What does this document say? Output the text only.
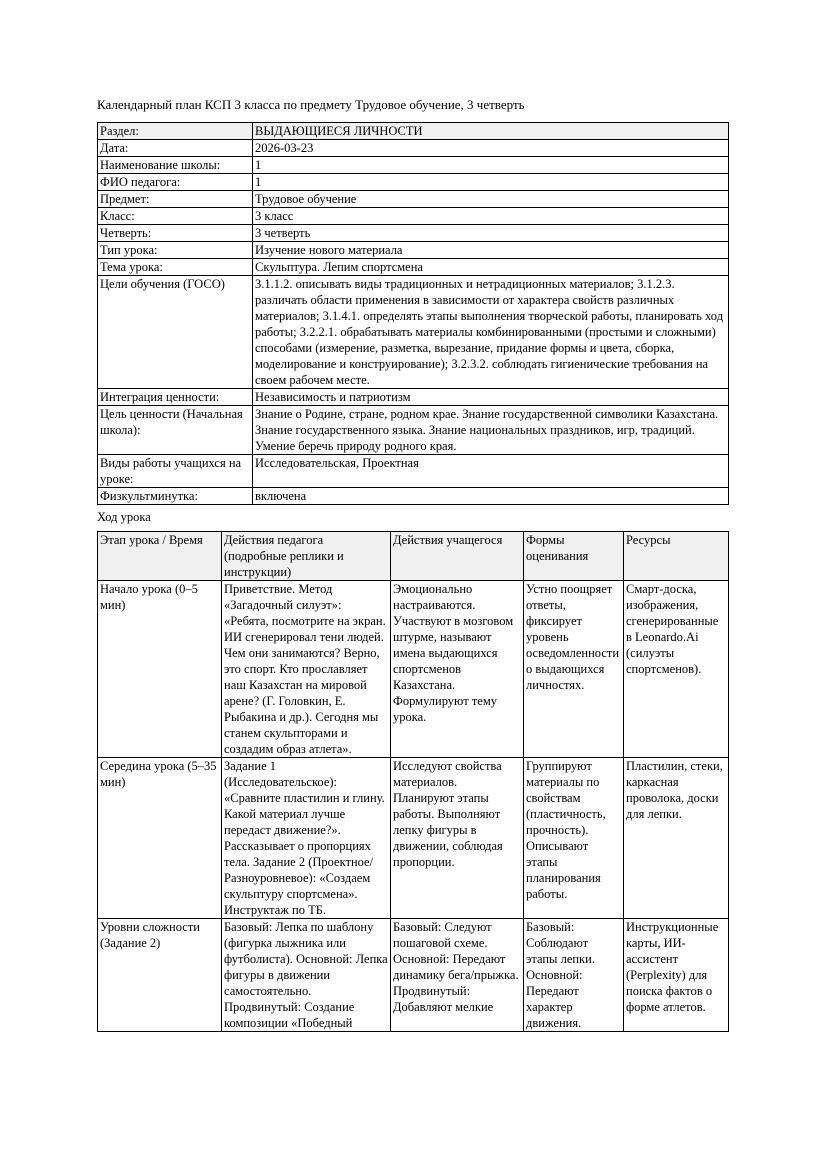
Календарный план КСП 3 класса по предмету Трудовое обучение, 3 четверть
Раздел:	ВЫДАЮЩИЕСЯ ЛИЧНОСТИ
Дата:	2026-03-23
Наименование школы:	1
ФИО педагога:	1
Предмет:	Трудовое обучение
Класс:	3 класс
Четверть:	3 четверть
Тип урока:	Изучение нового материала
Тема урока:	Скульптура. Лепим спортсмена
Цели обучения (ГОСО)	3.1.1.2. описывать виды традиционных и нетрадиционных материалов; 3.1.2.3. различать области применения в зависимости от характера свойств различных материалов; 3.1.4.1. определять этапы выполнения творческой работы, планировать ход работы; 3.2.2.1. обрабатывать материалы комбинированными (простыми и сложными) способами (измерение, разметка, вырезание, придание формы и цвета, сборка, моделирование и конструирование); 3.2.3.2. соблюдать гигиенические требования на своем рабочем месте.
Интеграция ценности:	Независимость и патриотизм
Цель ценности (Начальная школа):	Знание о Родине, стране, родном крае. Знание государственной символики Казахстана. Знание государственного языка. Знание национальных праздников, игр, традиций. Умение беречь природу родного края.
Виды работы учащихся на уроке:	Исследовательская, Проектная
Физкультминутка:	включена
Ход урока
Этап урока / Время	Действия педагога (подробные реплики и инструкции)	Действия учащегося	Формы оценивания	Ресурсы
Начало урока (0–5 мин)	Приветствие. Метод «Загадочный силуэт»: «Ребята, посмотрите на экран. ИИ сгенерировал тени людей. Чем они занимаются? Верно, это спорт. Кто прославляет наш Казахстан на мировой арене? (Г. Головкин, Е. Рыбакина и др.). Сегодня мы станем скульпторами и создадим образ атлета».	Эмоционально настраиваются. Участвуют в мозговом штурме, называют имена выдающихся спортсменов Казахстана. Формулируют тему урока.	Устно поощряет ответы, фиксирует уровень осведомленности о выдающихся личностях.	Смарт-доска, изображения, сгенерированные в Leonardo.Ai (силуэты спортсменов).
Середина урока (5–35 мин)	Задание 1 (Исследовательское): «Сравните пластилин и глину. Какой материал лучше передаст движение?». Рассказывает о пропорциях тела. Задание 2 (Проектное/Разноуровневое): «Создаем скульптуру спортсмена». Инструктаж по ТБ.	Исследуют свойства материалов. Планируют этапы работы. Выполняют лепку фигуры в движении, соблюдая пропорции.	Группируют материалы по свойствам (пластичность, прочность). Описывают этапы планирования работы.	Пластилин, стеки, каркасная проволока, доски для лепки.

Уровни сложности (Задание 2)	Базовый: Лепка по шаблону (фигурка лыжника или футболиста). Основной: Лепка фигуры в движении самостоятельно. Продвинутый: Создание композиции «Победный	Базовый: Следуют пошаговой схеме. Основной: Передают динамику бега/прыжка. Продвинутый: Добавляют мелкие	Базовый: Соблюдают этапы лепки. Основной: Передают характер движения.	Инструкционные карты, ИИ-ассистент (Perplexity) для поиска фактов о форме атлетов.
